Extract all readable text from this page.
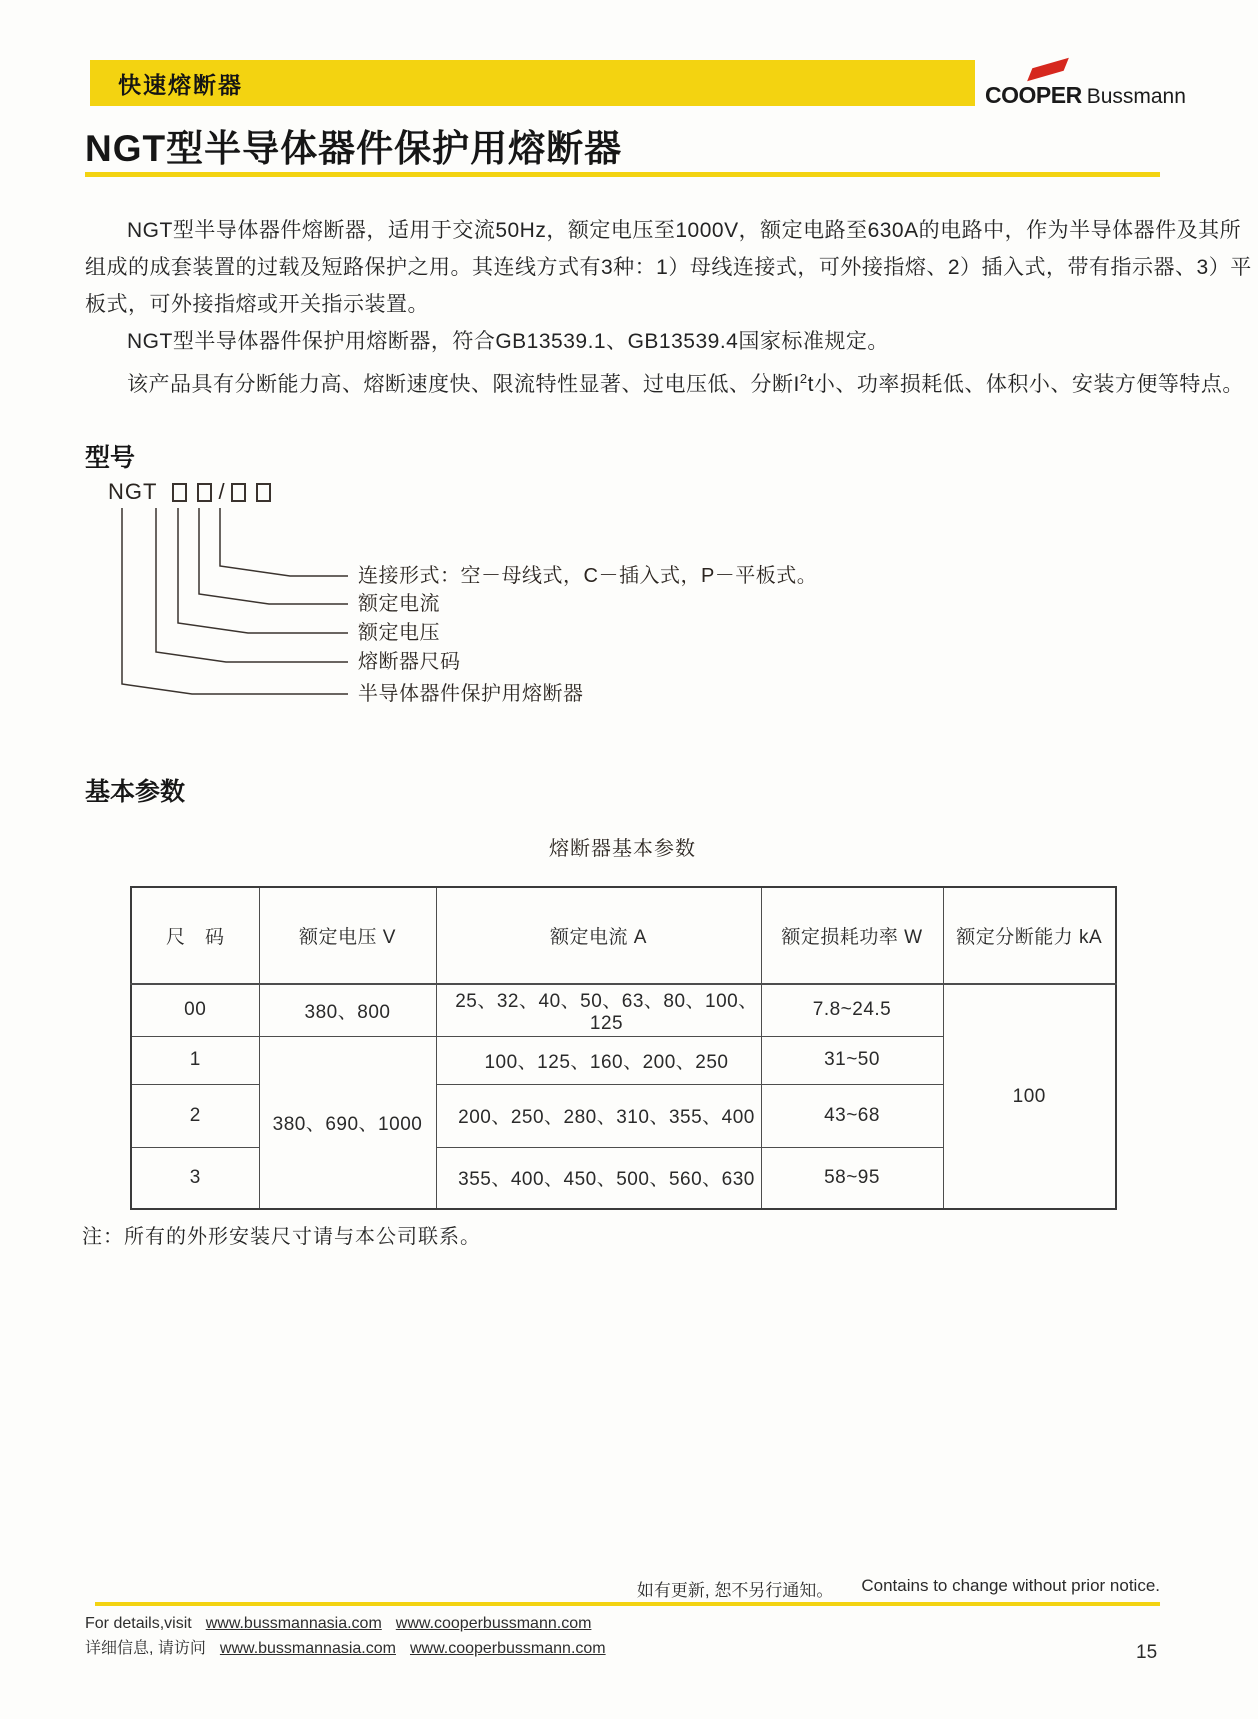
快速熔断器	COOPER Bussmann
NGT型半导体器件保护用熔断器
NGT型半导体器件熔断器，适用于交流50Hz，额定电压至1000V，额定电路至630A的电路中，作为半导体器件及其所
组成的成套装置的过载及短路保护之用。其连线方式有3种：1）母线连接式，可外接指熔、2）插入式，带有指示器、3）平
板式，可外接指熔或开关指示装置。
NGT型半导体器件保护用熔断器，符合GB13539.1、GB13539.4国家标准规定。
该产品具有分断能力高、熔断速度快、限流特性显著、过电压低、分断$I^2t$小、功率损耗低、体积小、安装方便等特点。
型号
NGT	/
连接形式：空－母线式，C－插入式，P－平板式。
额定电流
额定电压
熔断器尺码
半导体器件保护用熔断器
基本参数
熔断器基本参数
尺　码	额定电压 V	额定电流 A	额定损耗功率 W	额定分断能力 kA
00	380、800	25、32、40、50、63、80、100、125	7.8~24.5	100
1	380、690、1000	100、125、160、200、250	31~50	
2		200、250、280、310、355、400	43~68	
3		355、400、450、500、560、630	58~95	
注：所有的外形安装尺寸请与本公司联系。
如有更新, 恕不另行通知。 Contains to change without prior notice.
For details,visit www.bussmannasia.com www.cooperbussmann.com
详细信息, 请访问 www.bussmannasia.com www.cooperbussmann.com	15
